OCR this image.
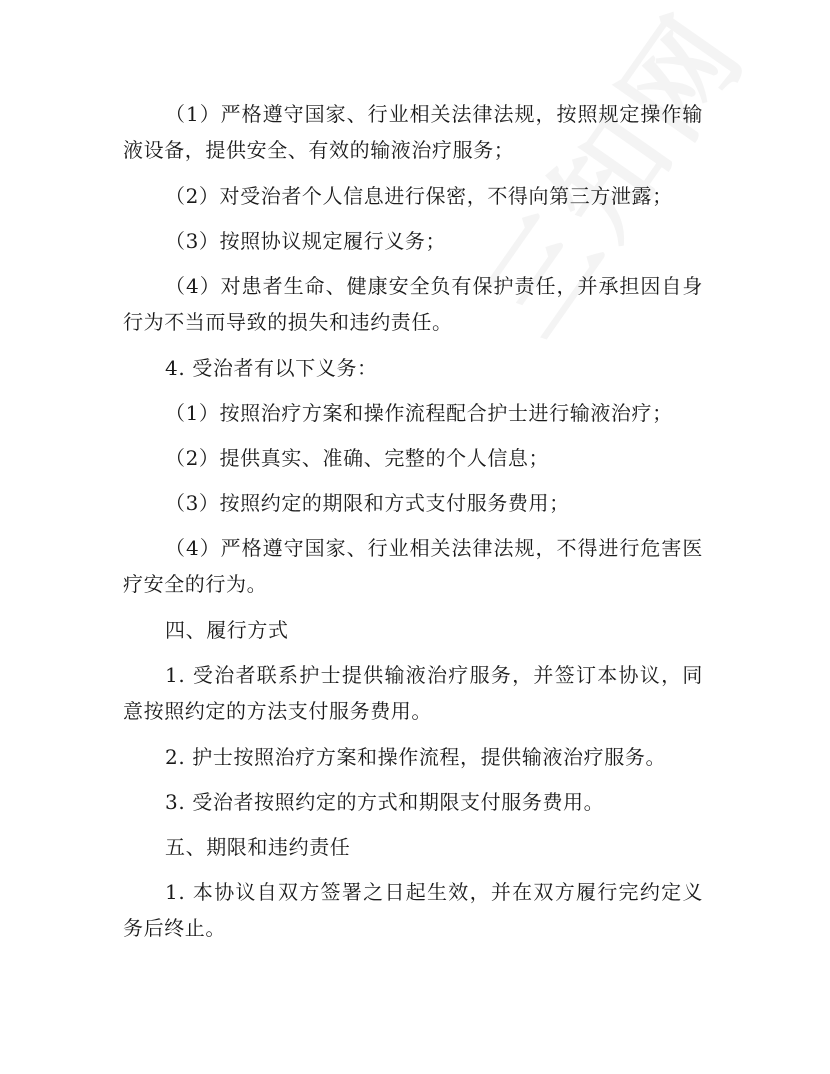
（1）严格遵守国家、行业相关法律法规，按照规定操作输液设备，提供安全、有效的输液治疗服务；

（2）对受治者个人信息进行保密，不得向第三方泄露；

（3）按照协议规定履行义务；

（4）对患者生命、健康安全负有保护责任，并承担因自身行为不当而导致的损失和违约责任。

4. 受治者有以下义务：

（1）按照治疗方案和操作流程配合护士进行输液治疗；

（2）提供真实、准确、完整的个人信息；

（3）按照约定的期限和方式支付服务费用；

（4）严格遵守国家、行业相关法律法规，不得进行危害医疗安全的行为。

四、履行方式

1. 受治者联系护士提供输液治疗服务，并签订本协议，同意按照约定的方法支付服务费用。

2. 护士按照治疗方案和操作流程，提供输液治疗服务。

3. 受治者按照约定的方式和期限支付服务费用。

五、期限和违约责任

1. 本协议自双方签署之日起生效，并在双方履行完约定义务后终止。
